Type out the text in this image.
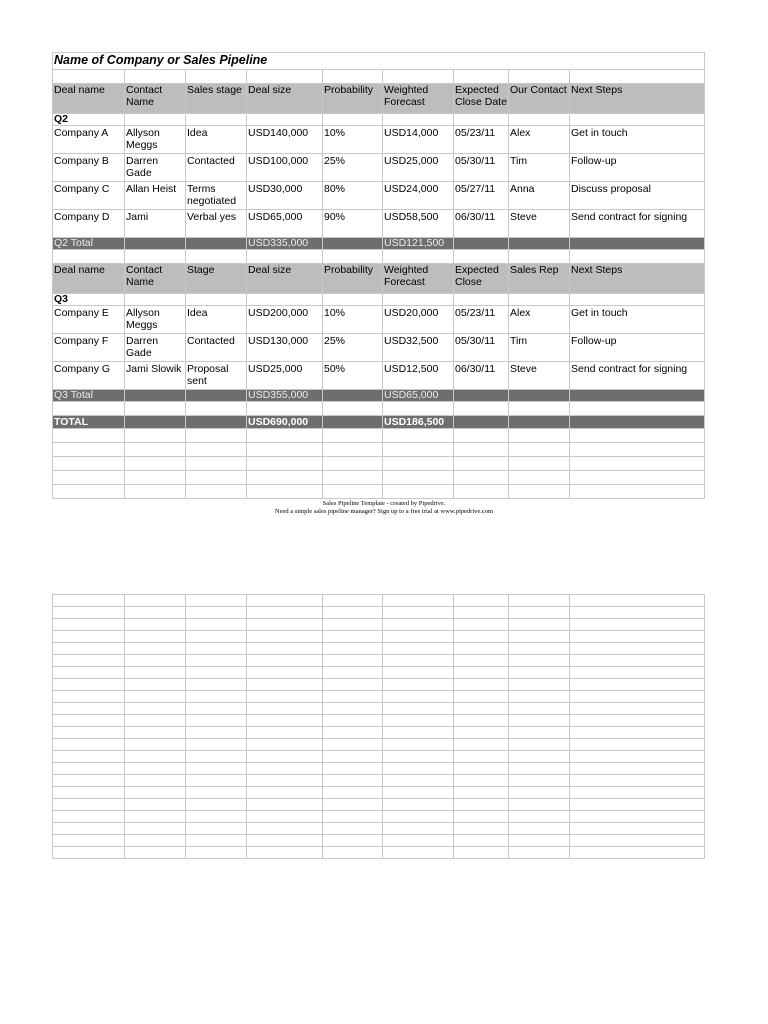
Name of Company or Sales Pipeline								

Deal name	Contact Name	Sales stage	Deal size	Probability	Weighted Forecast	Expected Close Date	Our Contact	Next Steps
Q2								
Company A	Allyson Meggs	Idea	USD140,000	10%	USD14,000	05/23/11	Alex	Get in touch
Company B	Darren Gade	Contacted	USD100,000	25%	USD25,000	05/30/11	Tim	Follow-up
Company C	Allan Heist	Terms negotiated	USD30,000	80%	USD24,000	05/27/11	Anna	Discuss proposal
Company D	Jami	Verbal yes	USD65,000	90%	USD58,500	06/30/11	Steve	Send contract for signing
Q2 Total			USD335,000		USD121,500			

Deal name	Contact Name	Stage	Deal size	Probability	Weighted Forecast	Expected Close	Sales Rep	Next Steps
Q3								
Company E	Allyson Meggs	Idea	USD200,000	10%	USD20,000	05/23/11	Alex	Get in touch
Company F	Darren Gade	Contacted	USD130,000	25%	USD32,500	05/30/11	Tim	Follow-up
Company G	Jami Slowik	Proposal sent	USD25,000	50%	USD12,500	06/30/11	Steve	Send contract for signing
Q3 Total			USD355,000		USD65,000			

TOTAL			USD690,000		USD186,500			

Sales Pipeline Template - created by Pipedrive.
Need a simple sales pipeline manager? Sign up to a free trial at www.pipedrive.com
